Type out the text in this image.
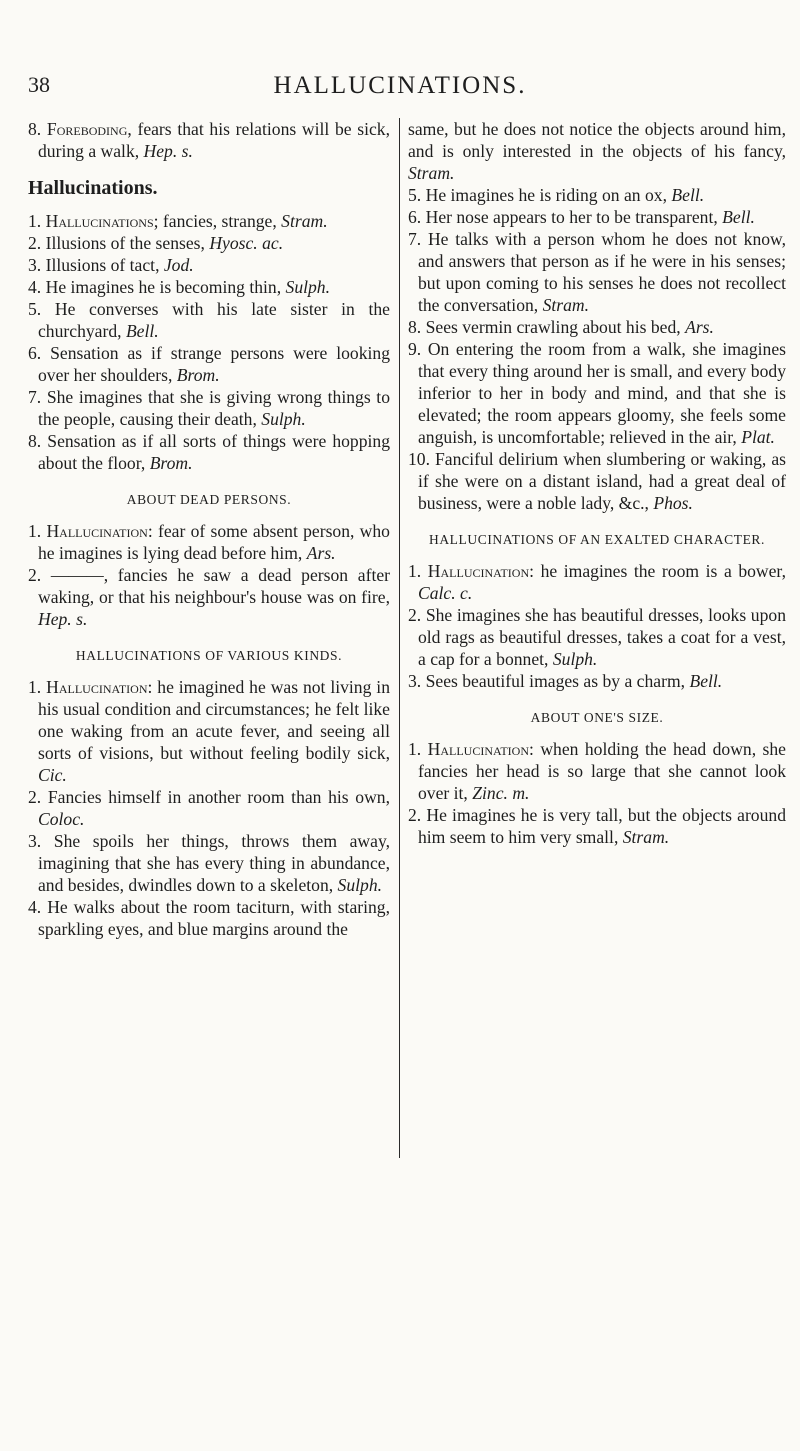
38	HALLUCINATIONS.

8. Foreboding, fears that his relations will be sick, during a walk, Hep. s.

Hallucinations.

1. Hallucinations; fancies, strange, Stram.

2. Illusions of the senses, Hyosc. ac.

3. Illusions of tact, Jod.

4. He imagines he is becoming thin, Sulph.

5. He converses with his late sister in the churchyard, Bell.

6. Sensation as if strange persons were looking over her shoulders, Brom.

7. She imagines that she is giving wrong things to the people, causing their death, Sulph.

8. Sensation as if all sorts of things were hopping about the floor, Brom.

ABOUT DEAD PERSONS.

1. Hallucination: fear of some absent person, who he imagines is lying dead before him, Ars.

2. ———, fancies he saw a dead person after waking, or that his neighbour's house was on fire, Hep. s.

HALLUCINATIONS OF VARIOUS KINDS.

1. Hallucination: he imagined he was not living in his usual condition and circumstances; he felt like one waking from an acute fever, and seeing all sorts of visions, but without feeling bodily sick, Cic.

2. Fancies himself in another room than his own, Coloc.

3. She spoils her things, throws them away, imagining that she has every thing in abundance, and besides, dwindles down to a skeleton, Sulph.

4. He walks about the room taciturn, with staring, sparkling eyes, and blue margins around the

same, but he does not notice the objects around him, and is only interested in the objects of his fancy, Stram.

5. He imagines he is riding on an ox, Bell.

6. Her nose appears to her to be transparent, Bell.

7. He talks with a person whom he does not know, and answers that person as if he were in his senses; but upon coming to his senses he does not recollect the conversation, Stram.

8. Sees vermin crawling about his bed, Ars.

9. On entering the room from a walk, she imagines that every thing around her is small, and every body inferior to her in body and mind, and that she is elevated; the room appears gloomy, she feels some anguish, is uncomfortable; relieved in the air, Plat.

10. Fanciful delirium when slumbering or waking, as if she were on a distant island, had a great deal of business, were a noble lady, &c., Phos.

HALLUCINATIONS OF AN EXALTED CHARACTER.

1. Hallucination: he imagines the room is a bower, Calc. c.

2. She imagines she has beautiful dresses, looks upon old rags as beautiful dresses, takes a coat for a vest, a cap for a bonnet, Sulph.

3. Sees beautiful images as by a charm, Bell.

ABOUT ONE'S SIZE.

1. Hallucination: when holding the head down, she fancies her head is so large that she cannot look over it, Zinc. m.

2. He imagines he is very tall, but the objects around him seem to him very small, Stram.
